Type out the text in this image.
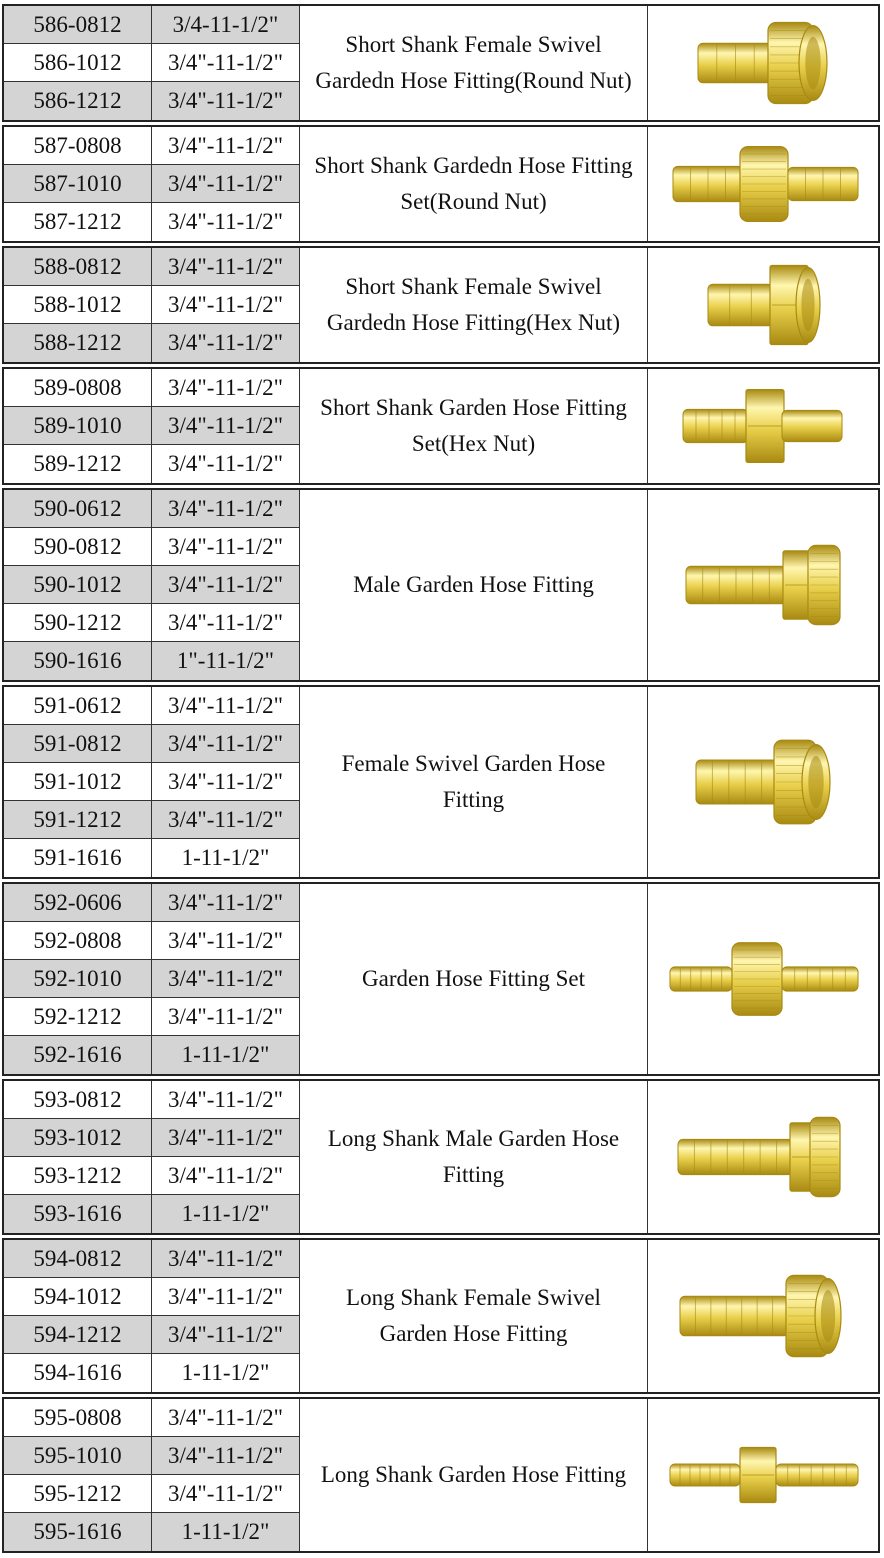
586-0812	3/4-11-1/2"
586-1012	3/4"-11-1/2"
586-1212	3/4"-11-1/2"
Short Shank Female Swivel Gardedn Hose Fitting(Round Nut)
587-0808	3/4"-11-1/2"
587-1010	3/4"-11-1/2"
587-1212	3/4"-11-1/2"
Short Shank Gardedn Hose Fitting Set(Round Nut)
588-0812	3/4"-11-1/2"
588-1012	3/4"-11-1/2"
588-1212	3/4"-11-1/2"
Short Shank Female Swivel Gardedn Hose Fitting(Hex Nut)
589-0808	3/4"-11-1/2"
589-1010	3/4"-11-1/2"
589-1212	3/4"-11-1/2"
Short Shank Garden Hose Fitting Set(Hex Nut)
590-0612	3/4"-11-1/2"
590-0812	3/4"-11-1/2"
590-1012	3/4"-11-1/2"
590-1212	3/4"-11-1/2"
590-1616	1"-11-1/2"
Male Garden Hose Fitting
591-0612	3/4"-11-1/2"
591-0812	3/4"-11-1/2"
591-1012	3/4"-11-1/2"
591-1212	3/4"-11-1/2"
591-1616	1-11-1/2"
Female Swivel Garden Hose Fitting
592-0606	3/4"-11-1/2"
592-0808	3/4"-11-1/2"
592-1010	3/4"-11-1/2"
592-1212	3/4"-11-1/2"
592-1616	1-11-1/2"
Garden Hose Fitting Set
593-0812	3/4"-11-1/2"
593-1012	3/4"-11-1/2"
593-1212	3/4"-11-1/2"
593-1616	1-11-1/2"
Long Shank Male Garden Hose Fitting
594-0812	3/4"-11-1/2"
594-1012	3/4"-11-1/2"
594-1212	3/4"-11-1/2"
594-1616	1-11-1/2"
Long Shank Female Swivel Garden Hose Fitting
595-0808	3/4"-11-1/2"
595-1010	3/4"-11-1/2"
595-1212	3/4"-11-1/2"
595-1616	1-11-1/2"
Long Shank Garden Hose Fitting
